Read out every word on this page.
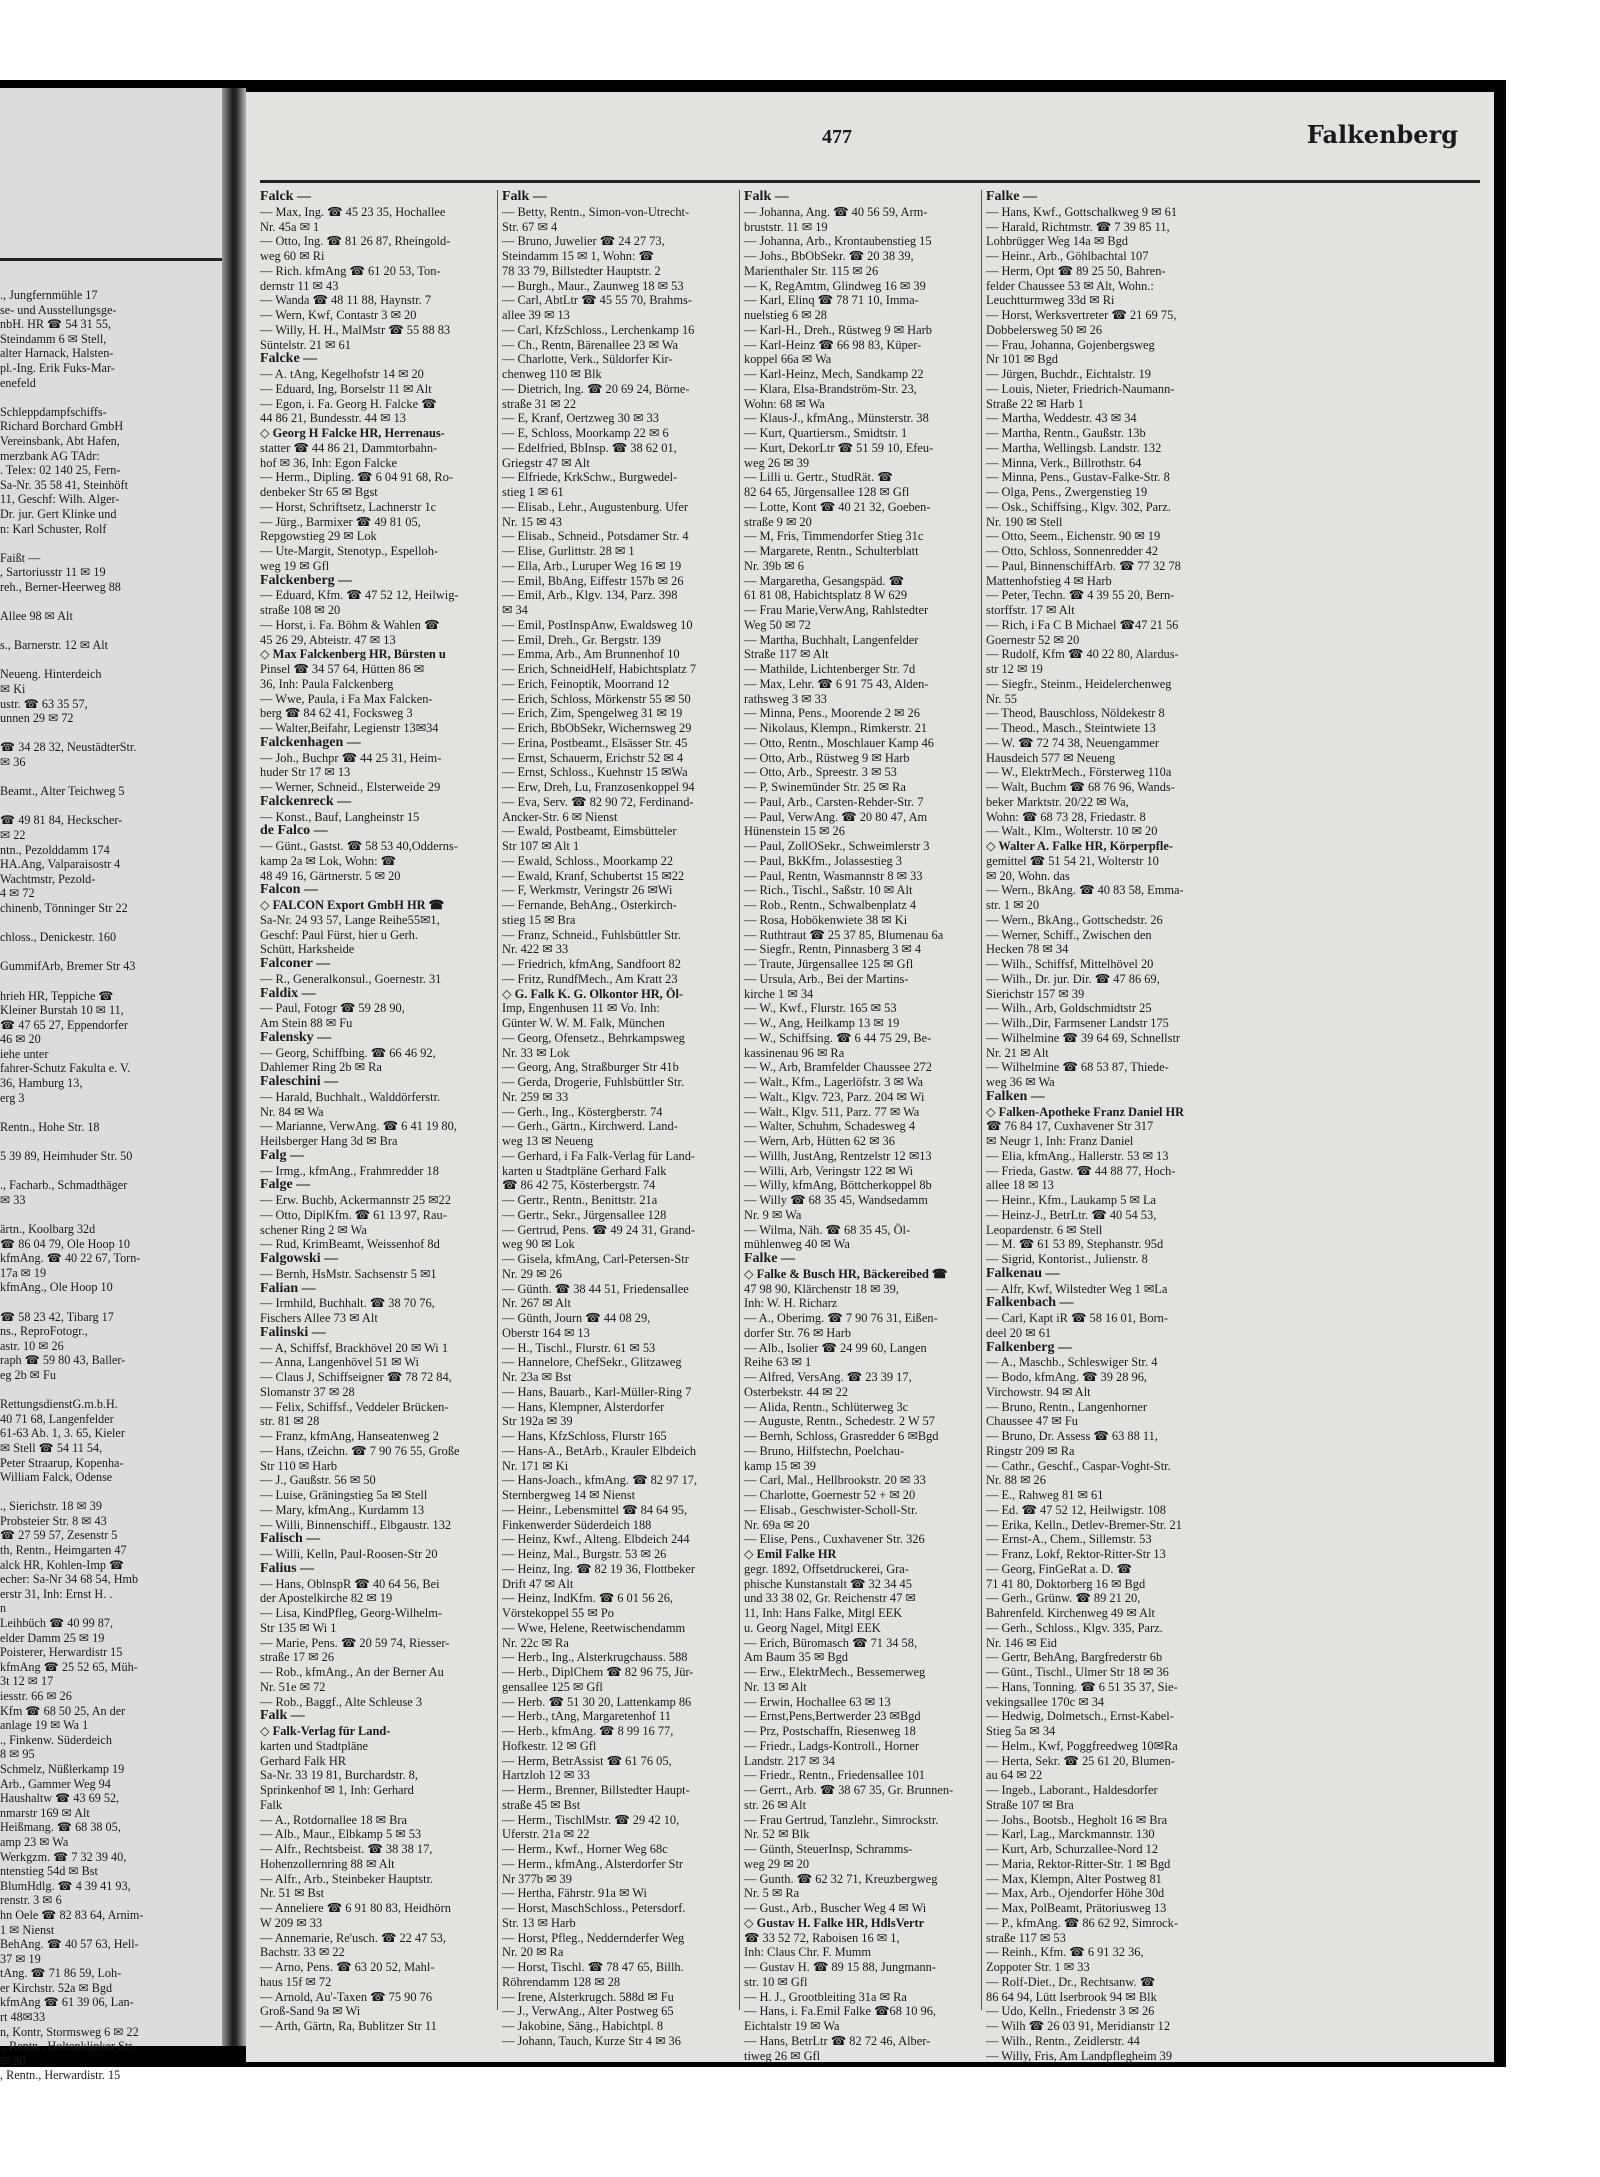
., Jungfernmühle 17
se- und Ausstellungsge-
nbH. HR ☎ 54 31 55,
Steindamm 6 ✉ Stell,
alter Harnack, Halsten-
pl.-Ing. Erik Fuks-Mar-
enefeld

Schleppdampfschiffs-
Richard Borchard GmbH
Vereinsbank, Abt Hafen,
merzbank AG TAdr:
. Telex: 02 140 25, Fern-
Sa-Nr. 35 58 41, Steinhöft
11, Geschf: Wilh. Alger-
Dr. jur. Gert Klinke und
n: Karl Schuster, Rolf

Faißt —
, Sartoriusstr 11 ✉ 19
reh., Berner-Heerweg 88

Allee 98 ✉ Alt

s., Barnerstr. 12 ✉ Alt

Neueng. Hinterdeich
✉ Ki
ustr. ☎ 63 35 57,
unnen 29 ✉ 72

☎ 34 28 32, NeustädterStr.
✉ 36

Beamt., Alter Teichweg 5

☎ 49 81 84, Heckscher-
✉ 22
ntn., Pezolddamm 174
HA.Ang, Valparaisostr 4
Wachtmstr, Pezold-
4 ✉ 72
chinenb, Tönninger Str 22

chloss., Denickestr. 160

GummifArb, Bremer Str 43

hrieh HR, Teppiche ☎
Kleiner Burstah 10 ✉ 11,
☎ 47 65 27, Eppendorfer
46 ✉ 20
iehe unter
fahrer-Schutz Fakulta e. V.
36, Hamburg 13,
erg 3

Rentn., Hohe Str. 18

5 39 89, Heimhuder Str. 50

., Facharb., Schmadthäger
✉ 33

ärtn., Koolbarg 32d
☎ 86 04 79, Ole Hoop 10
kfmAng. ☎ 40 22 67, Torn-
17a ✉ 19
kfmAng., Ole Hoop 10

☎ 58 23 42, Tibarg 17
ns., ReproFotogr.,
astr. 10 ✉ 26
raph ☎ 59 80 43, Baller-
eg 2b ✉ Fu

RettungsdienstG.m.b.H.
40 71 68, Langenfelder
61-63 Ab. 1, 3. 65, Kieler
✉ Stell ☎ 54 11 54,
Peter Straarup, Kopenha-
William Falck, Odense

., Sierichstr. 18 ✉ 39
Probsteier Str. 8 ✉ 43
☎ 27 59 57, Zesenstr 5
th, Rentn., Heimgarten 47
alck HR, Kohlen-Imp ☎
echer: Sa-Nr 34 68 54, Hmb
erstr 31, Inh: Ernst H. .
n
Leihbüch ☎ 40 99 87,
elder Damm 25 ✉ 19
Poisterer, Herwardistr 15
kfmAng ☎ 25 52 65, Müh-
3t 12 ✉ 17
iesstr. 66 ✉ 26
Kfm ☎ 68 50 25, An der
anlage 19 ✉ Wa 1
., Finkenw. Süderdeich
8 ✉ 95
Schmelz, Nüßlerkamp 19
Arb., Gammer Weg 94
Haushaltw ☎ 43 69 52,
nmarstr 169 ✉ Alt
Heißmang. ☎ 68 38 05,
amp 23 ✉ Wa
Werkgzm. ☎ 7 32 39 40,
ntenstieg 54d ✉ Bst
BlumHdlg. ☎ 4 39 41 93,
renstr. 3 ✉ 6
hn Oele ☎ 82 83 64, Arnim-
1 ✉ Nienst
BehAng. ☎ 40 57 63, Hell-
37 ✉ 19
tAng. ☎ 71 86 59, Loh-
er Kirchstr. 52a ✉ Bgd
kfmAng ☎ 61 39 06, Lan-
rt 48✉33
n, Kontr, Stormsweg 6 ✉ 22
., Rentn., Holtenklinker Str.
✉ 80
, Rentn., Herwardistr. 15
477	Falkenberg
Falck —
— Max, Ing. ☎ 45 23 35, Hochallee
Nr. 45a ✉ 1
— Otto, Ing. ☎ 81 26 87, Rheingold-
weg 60 ✉ Ri
— Rich. kfmAng ☎ 61 20 53, Ton-
dernstr 11 ✉ 43
— Wanda ☎ 48 11 88, Haynstr. 7
— Wern, Kwf, Contastr 3 ✉ 20
— Willy, H. H., MalMstr ☎ 55 88 83
Süntelstr. 21 ✉ 61
Falcke —
— A. tAng, Kegelhofstr 14 ✉ 20
— Eduard, Ing, Borselstr 11 ✉ Alt
— Egon, i. Fa. Georg H. Falcke ☎
44 86 21, Bundesstr. 44 ✉ 13
◇ Georg H Falcke HR, Herrenaus-
statter ☎ 44 86 21, Dammtorbahn-
hof ✉ 36, Inh: Egon Falcke
— Herm., Dipling. ☎ 6 04 91 68, Ro-
denbeker Str 65 ✉ Bgst
— Horst, Schriftsetz, Lachnerstr 1c
— Jürg., Barmixer ☎ 49 81 05,
Repgowstieg 29 ✉ Lok
— Ute-Margit, Stenotyp., Espelloh-
weg 19 ✉ Gfl
Falckenberg —
— Eduard, Kfm. ☎ 47 52 12, Heilwig-
straße 108 ✉ 20
— Horst, i. Fa. Böhm & Wahlen ☎
45 26 29, Abteistr. 47 ✉ 13
◇ Max Falckenberg HR, Bürsten u
Pinsel ☎ 34 57 64, Hütten 86 ✉
36, Inh: Paula Falckenberg
— Wwe, Paula, i Fa Max Falcken-
berg ☎ 84 62 41, Focksweg 3
— Walter,Beifahr, Legienstr 13✉34
Falckenhagen —
— Joh., Buchpr ☎ 44 25 31, Heim-
huder Str 17 ✉ 13
— Werner, Schneid., Elsterweide 29
Falckenreck —
— Konst., Bauf, Langheinstr 15
de Falco —
— Günt., Gastst. ☎ 58 53 40,Odderns-
kamp 2a ✉ Lok, Wohn: ☎
48 49 16, Gärtnerstr. 5 ✉ 20
Falcon —
◇ FALCON Export GmbH HR ☎
Sa-Nr. 24 93 57, Lange Reihe55✉1,
Geschf: Paul Fürst, hier u Gerh.
Schütt, Harksheide
Falconer —
— R., Generalkonsul., Goernestr. 31
Faldix —
— Paul, Fotogr ☎ 59 28 90,
Am Stein 88 ✉ Fu
Falensky —
— Georg, Schiffbing. ☎ 66 46 92,
Dahlemer Ring 2b ✉ Ra
Faleschini —
— Harald, Buchhalt., Walddörferstr.
Nr. 84 ✉ Wa
— Marianne, VerwAng. ☎ 6 41 19 80,
Heilsberger Hang 3d ✉ Bra
Falg —
— Irmg., kfmAng., Frahmredder 18
Falge —
— Erw. Buchb, Ackermannstr 25 ✉22
— Otto, DiplKfm. ☎ 61 13 97, Rau-
schener Ring 2 ✉ Wa
— Rud, KrimBeamt, Weissenhof 8d
Falgowski —
— Bernh, HsMstr. Sachsenstr 5 ✉1
Falian —
— Irmhild, Buchhalt. ☎ 38 70 76,
Fischers Allee 73 ✉ Alt
Falinski —
— A, Schiffsf, Brackhövel 20 ✉ Wi 1
— Anna, Langenhövel 51 ✉ Wi
— Claus J, Schiffseigner ☎ 78 72 84,
Slomanstr 37 ✉ 28
— Felix, Schiffsf., Veddeler Brücken-
str. 81 ✉ 28
— Franz, kfmAng, Hanseatenweg 2
— Hans, tZeichn. ☎ 7 90 76 55, Große
Str 110 ✉ Harb
— J., Gaußstr. 56 ✉ 50
— Luise, Gräningstieg 5a ✉ Stell
— Mary, kfmAng., Kurdamm 13
— Willi, Binnenschiff., Elbgaustr. 132
Falisch —
— Willi, Kelln, Paul-Roosen-Str 20
Falius —
— Hans, OblnspR ☎ 40 64 56, Bei
der Apostelkirche 82 ✉ 19
— Lisa, KindPfleg, Georg-Wilhelm-
Str 135 ✉ Wi 1
— Marie, Pens. ☎ 20 59 74, Riesser-
straße 17 ✉ 26
— Rob., kfmAng., An der Berner Au
Nr. 51e ✉ 72
— Rob., Baggf., Alte Schleuse 3
Falk —
◇ Falk-Verlag für Land-
karten und Stadtpläne
Gerhard Falk HR
Sa-Nr. 33 19 81, Burchardstr. 8,
Sprinkenhof ✉ 1, Inh: Gerhard
Falk
— A., Rotdornallee 18 ✉ Bra
— Alb., Maur., Elbkamp 5 ✉ 53
— Alfr., Rechtsbeist. ☎ 38 38 17,
Hohenzollernring 88 ✉ Alt
— Alfr., Arb., Steinbeker Hauptstr.
Nr. 51 ✉ Bst
— Anneliere ☎ 6 91 80 83, Heidhörn
W 209 ✉ 33
— Annemarie, Re'usch. ☎ 22 47 53,
Bachstr. 33 ✉ 22
— Arno, Pens. ☎ 63 20 52, Mahl-
haus 15f ✉ 72
— Arnold, Au'-Taxen ☎ 75 90 76
Groß-Sand 9a ✉ Wi
— Arth, Gärtn, Ra, Bublitzer Str 11
Falk —
— Betty, Rentn., Simon-von-Utrecht-
Str. 67 ✉ 4
— Bruno, Juwelier ☎ 24 27 73,
Steindamm 15 ✉ 1, Wohn: ☎
78 33 79, Billstedter Hauptstr. 2
— Burgh., Maur., Zaunweg 18 ✉ 53
— Carl, AbtLtr ☎ 45 55 70, Brahms-
allee 39 ✉ 13
— Carl, KfzSchloss., Lerchenkamp 16
— Ch., Rentn, Bärenallee 23 ✉ Wa
— Charlotte, Verk., Süldorfer Kir-
chenweg 110 ✉ Blk
— Dietrich, Ing. ☎ 20 69 24, Börne-
straße 31 ✉ 22
— E, Kranf, Oertzweg 30 ✉ 33
— E, Schloss, Moorkamp 22 ✉ 6
— Edelfried, BbInsp. ☎ 38 62 01,
Griegstr 47 ✉ Alt
— Elfriede, KrkSchw., Burgwedel-
stieg 1 ✉ 61
— Elisab., Lehr., Augustenburg. Ufer
Nr. 15 ✉ 43
— Elisab., Schneid., Potsdamer Str. 4
— Elise, Gurlittstr. 28 ✉ 1
— Ella, Arb., Luruper Weg 16 ✉ 19
— Emil, BbAng, Eiffestr 157b ✉ 26
— Emil, Arb., Klgv. 134, Parz. 398
✉ 34
— Emil, PostInspAnw, Ewaldsweg 10
— Emil, Dreh., Gr. Bergstr. 139
— Emma, Arb., Am Brunnenhof 10
— Erich, SchneidHelf, Habichtsplatz 7
— Erich, Feinoptik, Moorrand 12
— Erich, Schloss, Mörkenstr 55 ✉ 50
— Erich, Zim, Spengelweg 31 ✉ 19
— Erich, BbObSekr, Wichernsweg 29
— Erina, Postbeamt., Elsässer Str. 45
— Ernst, Schauerm, Erichstr 52 ✉ 4
— Ernst, Schloss., Kuehnstr 15 ✉Wa
— Erw, Dreh, Lu, Franzosenkoppel 94
— Eva, Serv. ☎ 82 90 72, Ferdinand-
Ancker-Str. 6 ✉ Nienst
— Ewald, Postbeamt, Eimsbütteler
Str 107 ✉ Alt 1
— Ewald, Schloss., Moorkamp 22
— Ewald, Kranf, Schubertst 15 ✉22
— F, Werkmstr, Veringstr 26 ✉Wi
— Fernande, BehAng., Osterkirch-
stieg 15 ✉ Bra
— Franz, Schneid., Fuhlsbüttler Str.
Nr. 422 ✉ 33
— Friedrich, kfmAng, Sandfoort 82
— Fritz, RundfMech., Am Kratt 23
◇ G. Falk K. G. Olkontor HR, Öl-
Imp, Engenhusen 11 ✉ Vo. Inh:
Günter W. W. M. Falk, München
— Georg, Ofensetz., Behrkampsweg
Nr. 33 ✉ Lok
— Georg, Ang, Straßburger Str 41b
— Gerda, Drogerie, Fuhlsbüttler Str.
Nr. 259 ✉ 33
— Gerh., Ing., Köstergberstr. 74
— Gerh., Gärtn., Kirchwerd. Land-
weg 13 ✉ Neueng
— Gerhard, i Fa Falk-Verlag für Land-
karten u Stadtpläne Gerhard Falk
☎ 86 42 75, Kösterbergstr. 74
— Gertr., Rentn., Benittstr. 21a
— Gertr., Sekr., Jürgensallee 128
— Gertrud, Pens. ☎ 49 24 31, Grand-
weg 90 ✉ Lok
— Gisela, kfmAng, Carl-Petersen-Str
Nr. 29 ✉ 26
— Günth. ☎ 38 44 51, Friedensallee
Nr. 267 ✉ Alt
— Günth, Journ ☎ 44 08 29,
Oberstr 164 ✉ 13
— H., Tischl., Flurstr. 61 ✉ 53
— Hannelore, ChefSekr., Glitzaweg
Nr. 23a ✉ Bst
— Hans, Bauarb., Karl-Müller-Ring 7
— Hans, Klempner, Alsterdorfer
Str 192a ✉ 39
— Hans, KfzSchloss, Flurstr 165
— Hans-A., BetArb., Krauler Elbdeich
Nr. 171 ✉ Ki
— Hans-Joach., kfmAng. ☎ 82 97 17,
Sternbergweg 14 ✉ Nienst
— Heinr., Lebensmittel ☎ 84 64 95,
Finkenwerder Süderdeich 188
— Heinz, Kwf., Alteng. Elbdeich 244
— Heinz, Mal., Burgstr. 53 ✉ 26
— Heinz, Ing. ☎ 82 19 36, Flottbeker
Drift 47 ✉ Alt
— Heinz, IndKfm. ☎ 6 01 56 26,
Vörstekoppel 55 ✉ Po
— Wwe, Helene, Reetwischendamm
Nr. 22c ✉ Ra
— Herb., Ing., Alsterkrugchauss. 588
— Herb., DiplChem ☎ 82 96 75, Jür-
gensallee 125 ✉ Gfl
— Herb. ☎ 51 30 20, Lattenkamp 86
— Herb., tAng, Margaretenhof 11
— Herb., kfmAng. ☎ 8 99 16 77,
Hofkestr. 12 ✉ Gfl
— Herm, BetrAssist ☎ 61 76 05,
Hartzloh 12 ✉ 33
— Herm., Brenner, Billstedter Haupt-
straße 45 ✉ Bst
— Herm., TischlMstr. ☎ 29 42 10,
Uferstr. 21a ✉ 22
— Herm., Kwf., Horner Weg 68c
— Herm., kfmAng., Alsterdorfer Str
Nr 377b ✉ 39
— Hertha, Fährstr. 91a ✉ Wi
— Horst, MaschSchloss., Petersdorf.
Str. 13 ✉ Harb
— Horst, Pfleg., Neddernderfer Weg
Nr. 20 ✉ Ra
— Horst, Tischl. ☎ 78 47 65, Billh.
Röhrendamm 128 ✉ 28
— Irene, Alsterkrugch. 588d ✉ Fu
— J., VerwAng., Alter Postweg 65
— Jakobine, Säng., Habichtpl. 8
— Johann, Tauch, Kurze Str 4 ✉ 36
Falk —
— Johanna, Ang. ☎ 40 56 59, Arm-
bruststr. 11 ✉ 19
— Johanna, Arb., Krontaubenstieg 15
— Johs., BbObSekr. ☎ 20 38 39,
Marienthaler Str. 115 ✉ 26
— K, RegAmtm, Glindweg 16 ✉ 39
— Karl, Elinq ☎ 78 71 10, Imma-
nuelstieg 6 ✉ 28
— Karl-H., Dreh., Rüstweg 9 ✉ Harb
— Karl-Heinz ☎ 66 98 83, Küper-
koppel 66a ✉ Wa
— Karl-Heinz, Mech, Sandkamp 22
— Klara, Elsa-Brandström-Str. 23,
Wohn: 68 ✉ Wa
— Klaus-J., kfmAng., Münsterstr. 38
— Kurt, Quartiersm., Smidtstr. 1
— Kurt, DekorLtr ☎ 51 59 10, Efeu-
weg 26 ✉ 39
— Lilli u. Gertr., StudRät. ☎
82 64 65, Jürgensallee 128 ✉ Gfl
— Lotte, Kont ☎ 40 21 32, Goeben-
straße 9 ✉ 20
— M, Fris, Timmendorfer Stieg 31c
— Margarete, Rentn., Schulterblatt
Nr. 39b ✉ 6
— Margaretha, Gesangspäd. ☎
61 81 08, Habichtsplatz 8 W 629
— Frau Marie,VerwAng, Rahlstedter
Weg 50 ✉ 72
— Martha, Buchhalt, Langenfelder
Straße 117 ✉ Alt
— Mathilde, Lichtenberger Str. 7d
— Max, Lehr. ☎ 6 91 75 43, Alden-
rathsweg 3 ✉ 33
— Minna, Pens., Moorende 2 ✉ 26
— Nikolaus, Klempn., Rimkerstr. 21
— Otto, Rentn., Moschlauer Kamp 46
— Otto, Arb., Rüstweg 9 ✉ Harb
— Otto, Arb., Spreestr. 3 ✉ 53
— P, Swinemünder Str. 25 ✉ Ra
— Paul, Arb., Carsten-Rehder-Str. 7
— Paul, VerwAng. ☎ 20 80 47, Am
Hünenstein 15 ✉ 26
— Paul, ZollOSekr., Schweimlerstr 3
— Paul, BkKfm., Jolassestieg 3
— Paul, Rentn, Wasmannstr 8 ✉ 33
— Rich., Tischl., Saßstr. 10 ✉ Alt
— Rob., Rentn., Schwalbenplatz 4
— Rosa, Hobökenwiete 38 ✉ Ki
— Ruthtraut ☎ 25 37 85, Blumenau 6a
— Siegfr., Rentn, Pinnasberg 3 ✉ 4
— Traute, Jürgensallee 125 ✉ Gfl
— Ursula, Arb., Bei der Martins-
kirche 1 ✉ 34
— W., Kwf., Flurstr. 165 ✉ 53
— W., Ang, Heilkamp 13 ✉ 19
— W., Schiffsing. ☎ 6 44 75 29, Be-
kassinenau 96 ✉ Ra
— W., Arb, Bramfelder Chaussee 272
— Walt., Kfm., Lagerlöfstr. 3 ✉ Wa
— Walt., Klgv. 723, Parz. 204 ✉ Wi
— Walt., Klgv. 511, Parz. 77 ✉ Wa
— Walter, Schuhm, Schadesweg 4
— Wern, Arb, Hütten 62 ✉ 36
— Willh, JustAng, Rentzelstr 12 ✉13
— Willi, Arb, Veringstr 122 ✉ Wi
— Willy, kfmAng, Böttcherkoppel 8b
— Willy ☎ 68 35 45, Wandsedamm
Nr. 9 ✉ Wa
— Wilma, Näh. ☎ 68 35 45, Öl-
mühlenweg 40 ✉ Wa
Falke —
◇ Falke & Busch HR, Bäckereibed ☎
47 98 90, Klärchenstr 18 ✉ 39,
Inh: W. H. Richarz
— A., Oberimg. ☎ 7 90 76 31, Eißen-
dorfer Str. 76 ✉ Harb
— Alb., Isolier ☎ 24 99 60, Langen
Reihe 63 ✉ 1
— Alfred, VersAng. ☎ 23 39 17,
Osterbekstr. 44 ✉ 22
— Alida, Rentn., Schlüterweg 3c
— Auguste, Rentn., Schedestr. 2 W 57
— Bernh, Schloss, Grasredder 6 ✉Bgd
— Bruno, Hilfstechn, Poelchau-
kamp 15 ✉ 39
— Carl, Mal., Hellbrookstr. 20 ✉ 33
— Charlotte, Goernestr 52 + ✉ 20
— Elisab., Geschwister-Scholl-Str.
Nr. 69a ✉ 20
— Elise, Pens., Cuxhavener Str. 326
◇ Emil Falke HR
gegr. 1892, Offsetdruckerei, Gra-
phische Kunstanstalt ☎ 32 34 45
und 33 38 02, Gr. Reichenstr 47 ✉
11, Inh: Hans Falke, Mitgl EEK
u. Georg Nagel, Mitgl EEK
— Erich, Büromasch ☎ 71 34 58,
Am Baum 35 ✉ Bgd
— Erw., ElektrMech., Bessemerweg
Nr. 13 ✉ Alt
— Erwin, Hochallee 63 ✉ 13
— Ernst,Pens,Bertwerder 23 ✉Bgd
— Prz, Postschaffn, Riesenweg 18
— Friedr., Ladgs-Kontroll., Horner
Landstr. 217 ✉ 34
— Friedr., Rentn., Friedensallee 101
— Gerrt., Arb. ☎ 38 67 35, Gr. Brunnen-
str. 26 ✉ Alt
— Frau Gertrud, Tanzlehr., Simrockstr.
Nr. 52 ✉ Blk
— Günth, SteuerInsp, Schramms-
weg 29 ✉ 20
— Gunth. ☎ 62 32 71, Kreuzbergweg
Nr. 5 ✉ Ra
— Gust., Arb., Buscher Weg 4 ✉ Wi
◇ Gustav H. Falke HR, HdlsVertr
☎ 33 52 72, Raboisen 16 ✉ 1,
Inh: Claus Chr. F. Mumm
— Gustav H. ☎ 89 15 88, Jungmann-
str. 10 ✉ Gfl
— H. J., Grootbleiting 31a ✉ Ra
— Hans, i. Fa.Emil Falke ☎68 10 96,
Eichtalstr 19 ✉ Wa
— Hans, BetrLtr ☎ 82 72 46, Alber-
tiweg 26 ✉ Gfl
Falke —
— Hans, Kwf., Gottschalkweg 9 ✉ 61
— Harald, Richtmstr. ☎ 7 39 85 11,
Lohbrügger Weg 14a ✉ Bgd
— Heinr., Arb., Göhlbachtal 107
— Herm, Opt ☎ 89 25 50, Bahren-
felder Chaussee 53 ✉ Alt, Wohn.:
Leuchtturmweg 33d ✉ Ri
— Horst, Werksvertreter ☎ 21 69 75,
Dobbelersweg 50 ✉ 26
— Frau, Johanna, Gojenbergsweg
Nr 101 ✉ Bgd
— Jürgen, Buchdr., Eichtalstr. 19
— Louis, Nieter, Friedrich-Naumann-
Straße 22 ✉ Harb 1
— Martha, Weddestr. 43 ✉ 34
— Martha, Rentn., Gaußstr. 13b
— Martha, Wellingsb. Landstr. 132
— Minna, Verk., Billrothstr. 64
— Minna, Pens., Gustav-Falke-Str. 8
— Olga, Pens., Zwergenstieg 19
— Osk., Schiffsing., Klgv. 302, Parz.
Nr. 190 ✉ Stell
— Otto, Seem., Eichenstr. 90 ✉ 19
— Otto, Schloss, Sonnenredder 42
— Paul, BinnenschiffArb. ☎ 77 32 78
Mattenhofstieg 4 ✉ Harb
— Peter, Techn. ☎ 4 39 55 20, Bern-
storffstr. 17 ✉ Alt
— Rich, i Fa C B Michael ☎47 21 56
Goernestr 52 ✉ 20
— Rudolf, Kfm ☎ 40 22 80, Alardus-
str 12 ✉ 19
— Siegfr., Steinm., Heidelerchenweg
Nr. 55
— Theod, Bauschloss, Nöldekestr 8
— Theod., Masch., Steintwiete 13
— W. ☎ 72 74 38, Neuengammer
Hausdeich 577 ✉ Neueng
— W., ElektrMech., Försterweg 110a
— Walt, Buchm ☎ 68 76 96, Wands-
beker Marktstr. 20/22 ✉ Wa,
Wohn: ☎ 68 73 28, Friedastr. 8
— Walt., Klm., Wolterstr. 10 ✉ 20
◇ Walter A. Falke HR, Körperpfle-
gemittel ☎ 51 54 21, Wolterstr 10
✉ 20, Wohn. das
— Wern., BkAng. ☎ 40 83 58, Emma-
str. 1 ✉ 20
— Wern., BkAng., Gottschedstr. 26
— Werner, Schiff., Zwischen den
Hecken 78 ✉ 34
— Wilh., Schiffsf, Mittelhövel 20
— Wilh., Dr. jur. Dir. ☎ 47 86 69,
Sierichstr 157 ✉ 39
— Wilh., Arb, Goldschmidtstr 25
— Wilh.,Dir, Farmsener Landstr 175
— Wilhelmine ☎ 39 64 69, Schnellstr
Nr. 21 ✉ Alt
— Wilhelmine ☎ 68 53 87, Thiede-
weg 36 ✉ Wa
Falken —
◇ Falken-Apotheke Franz Daniel HR
☎ 76 84 17, Cuxhavener Str 317
✉ Neugr 1, Inh: Franz Daniel
— Elia, kfmAng., Hallerstr. 53 ✉ 13
— Frieda, Gastw. ☎ 44 88 77, Hoch-
allee 18 ✉ 13
— Heinr., Kfm., Laukamp 5 ✉ La
— Heinz-J., BetrLtr. ☎ 40 54 53,
Leopardenstr. 6 ✉ Stell
— M. ☎ 61 53 89, Stephanstr. 95d
— Sigrid, Kontorist., Julienstr. 8
Falkenau —
— Alfr, Kwf, Wilstedter Weg 1 ✉La
Falkenbach —
— Carl, Kapt iR ☎ 58 16 01, Born-
deel 20 ✉ 61
Falkenberg —
— A., Maschb., Schleswiger Str. 4
— Bodo, kfmAng. ☎ 39 28 96,
Virchowstr. 94 ✉ Alt
— Bruno, Rentn., Langenhorner
Chaussee 47 ✉ Fu
— Bruno, Dr. Assess ☎ 63 88 11,
Ringstr 209 ✉ Ra
— Cathr., Geschf., Caspar-Voght-Str.
Nr. 88 ✉ 26
— E., Rahweg 81 ✉ 61
— Ed. ☎ 47 52 12, Heilwigstr. 108
— Erika, Kelln., Detlev-Bremer-Str. 21
— Ernst-A., Chem., Sillemstr. 53
— Franz, Lokf, Rektor-Ritter-Str 13
— Georg, FinGeRat a. D. ☎
71 41 80, Doktorberg 16 ✉ Bgd
— Gerh., Grünw. ☎ 89 21 20,
Bahrenfeld. Kirchenweg 49 ✉ Alt
— Gerh., Schloss., Klgv. 335, Parz.
Nr. 146 ✉ Eid
— Gertr, BehAng, Bargfrederstr 6b
— Günt., Tischl., Ulmer Str 18 ✉ 36
— Hans, Tonning. ☎ 6 51 35 37, Sie-
vekingsallee 170c ✉ 34
— Hedwig, Dolmetsch., Ernst-Kabel-
Stieg 5a ✉ 34
— Helm., Kwf, Poggfreedweg 10✉Ra
— Herta, Sekr. ☎ 25 61 20, Blumen-
au 64 ✉ 22
— Ingeb., Laborant., Haldesdorfer
Straße 107 ✉ Bra
— Johs., Bootsb., Hegholt 16 ✉ Bra
— Karl, Lag., Marckmannstr. 130
— Kurt, Arb, Schurzallee-Nord 12
— Maria, Rektor-Ritter-Str. 1 ✉ Bgd
— Max, Klempn, Alter Postweg 81
— Max, Arb., Ojendorfer Höhe 30d
— Max, PolBeamt, Prätoriusweg 13
— P., kfmAng. ☎ 86 62 92, Simrock-
straße 117 ✉ 53
— Reinh., Kfm. ☎ 6 91 32 36,
Zoppoter Str. 1 ✉ 33
— Rolf-Diet., Dr., Rechtsanw. ☎
86 64 94, Lütt Iserbrook 94 ✉ Blk
— Udo, Kelln., Friedenstr 3 ✉ 26
— Wilh ☎ 26 03 91, Meridianstr 12
— Wilh., Rentn., Zeidlerstr. 44
— Willy, Fris, Am Landpflegheim 39
